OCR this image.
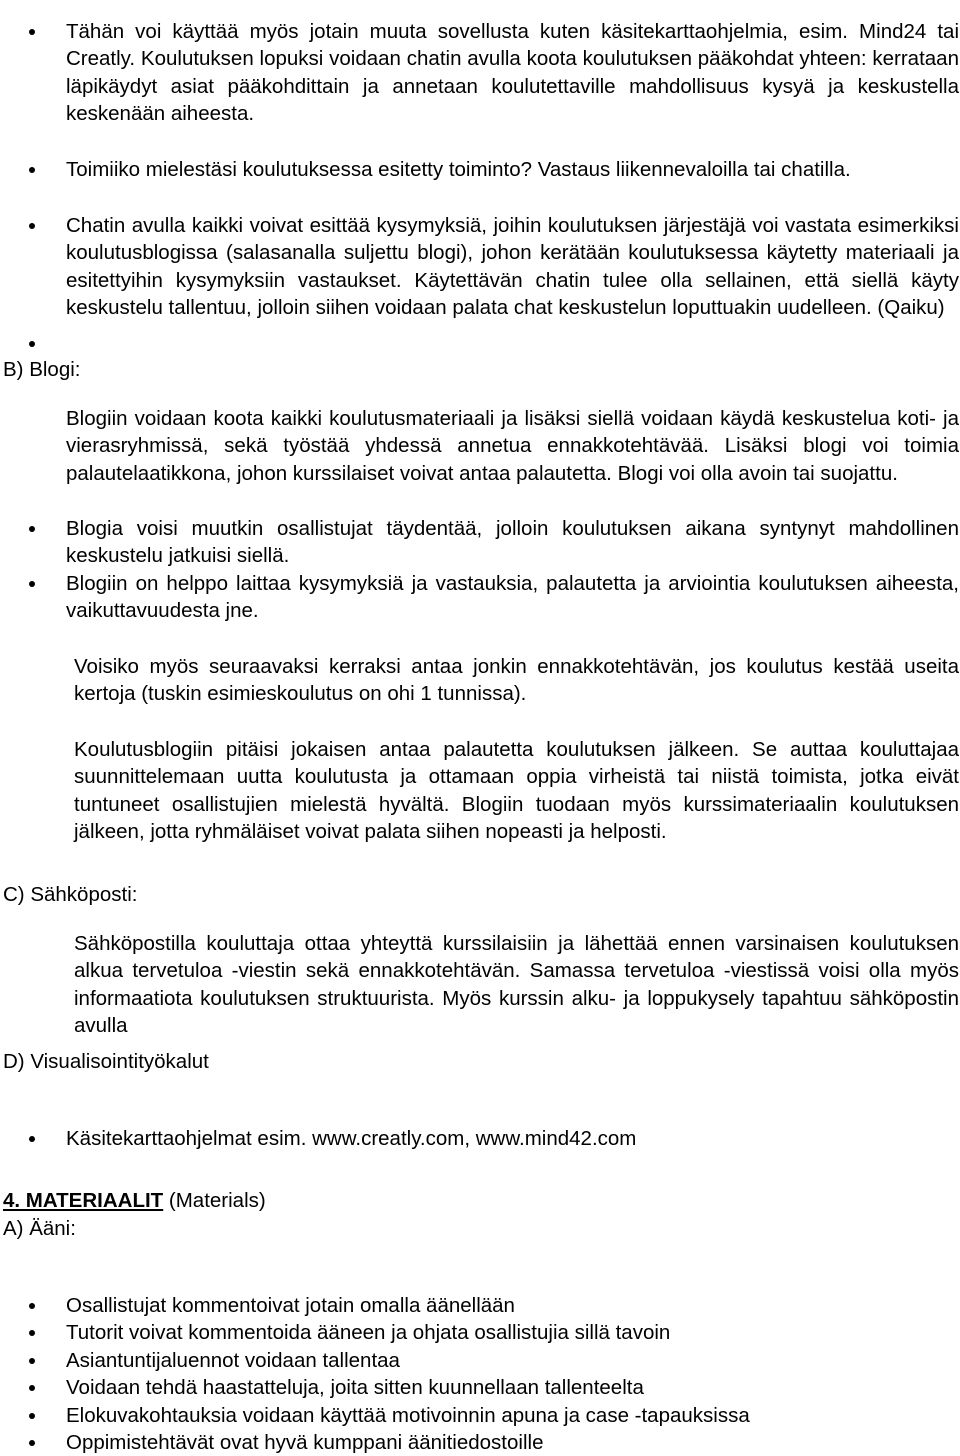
Tähän voi käyttää myös jotain muuta sovellusta kuten käsitekarttaohjelmia, esim. Mind24 tai Creatly. Koulutuksen lopuksi voidaan chatin avulla koota koulutuksen pääkohdat yhteen: kerrataan läpikäydyt asiat pääkohdittain ja annetaan koulutettaville mahdollisuus kysyä ja keskustella keskenään aiheesta.

Toimiiko mielestäsi koulutuksessa esitetty toiminto? Vastaus liikennevaloilla tai chatilla.

Chatin avulla kaikki voivat esittää kysymyksiä, joihin koulutuksen järjestäjä voi vastata esimerkiksi koulutusblogissa (salasanalla suljettu blogi), johon kerätään koulutuksessa käytetty materiaali ja esitettyihin kysymyksiin vastaukset. Käytettävän chatin tulee olla sellainen, että siellä käyty keskustelu tallentuu, jolloin siihen voidaan palata chat keskustelun loputtuakin uudelleen. (Qaiku)

B) Blogi:

Blogiin voidaan koota kaikki koulutusmateriaali ja lisäksi siellä voidaan käydä keskustelua koti- ja vierasryhmissä, sekä työstää yhdessä annetua ennakkotehtävää. Lisäksi blogi voi toimia palautelaatikkona, johon kurssilaiset voivat antaa palautetta. Blogi voi olla avoin tai suojattu.

Blogia voisi muutkin osallistujat täydentää, jolloin koulutuksen aikana syntynyt mahdollinen keskustelu jatkuisi siellä.

Blogiin on helppo laittaa kysymyksiä ja vastauksia, palautetta ja arviointia koulutuksen aiheesta, vaikuttavuudesta jne.

Voisiko myös seuraavaksi kerraksi antaa jonkin ennakkotehtävän, jos koulutus kestää useita kertoja (tuskin esimieskoulutus on ohi 1 tunnissa).

Koulutusblogiin pitäisi jokaisen antaa palautetta koulutuksen jälkeen. Se auttaa kouluttajaa suunnittelemaan uutta koulutusta ja ottamaan oppia virheistä tai niistä toimista, jotka eivät tuntuneet osallistujien mielestä hyvältä. Blogiin tuodaan myös kurssimateriaalin koulutuksen jälkeen, jotta ryhmäläiset voivat palata siihen nopeasti ja helposti.

C) Sähköposti:

Sähköpostilla kouluttaja ottaa yhteyttä kurssilaisiin ja lähettää ennen varsinaisen koulutuksen alkua tervetuloa -viestin sekä ennakkotehtävän. Samassa tervetuloa -viestissä voisi olla myös informaatiota koulutuksen struktuurista. Myös kurssin alku- ja loppukysely tapahtuu sähköpostin avulla

D) Visualisointityökalut

Käsitekarttaohjelmat esim. www.creatly.com, www.mind42.com

4. MATERIAALIT (Materials)
A) Ääni:

Osallistujat kommentoivat jotain omalla äänellään

Tutorit voivat kommentoida ääneen ja ohjata osallistujia sillä tavoin

Asiantuntijaluennot voidaan tallentaa

Voidaan tehdä haastatteluja, joita sitten kuunnellaan tallenteelta

Elokuvakohtauksia voidaan käyttää motivoinnin apuna ja case -tapauksissa

Oppimistehtävät ovat hyvä kumppani äänitiedostoille
